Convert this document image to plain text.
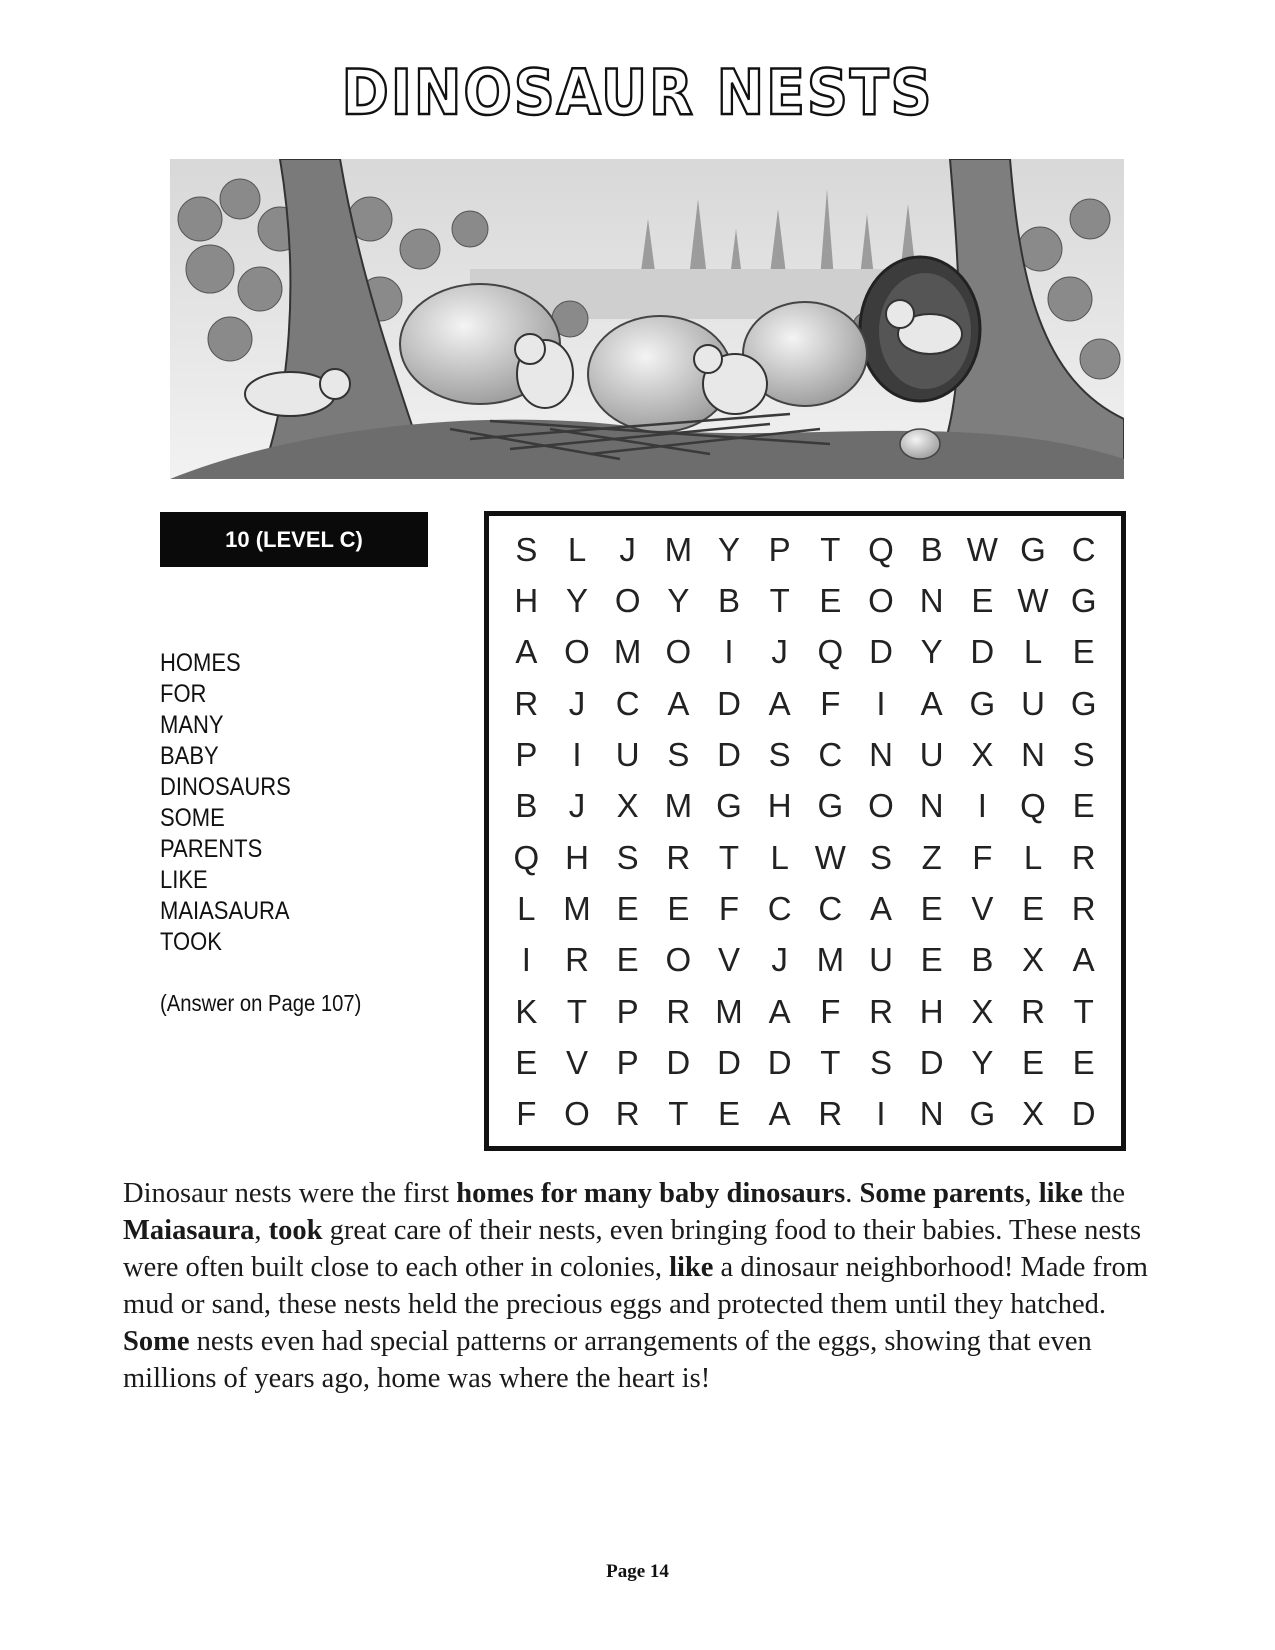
DINOSAUR NESTS
10 (LEVEL C)
HOMES
FOR
MANY
BABY
DINOSAURS
SOME
PARENTS
LIKE
MAIASAURA
TOOK
(Answer on Page 107)
S L	J M Y P T Q B W G C
H Y O Y B T E O N E W G
A O M O	I	J Q D Y D L E
R J C A D A F	I	A G U G
P	I	U S D S C N U X N S
B J X M G H G O N	I	Q E
Q H S R T L W S Z F L R
L M E E F C C A E V E R
I	R E O V J M U E B X A
K T P R M A F R H X R T
E V P D D D T S D Y E E
F O R T E A R	I	N G X D

Dinosaur nests were the first homes for many baby dinosaurs. Some parents, like the Maiasaura, took great care of their nests, even bringing food to their babies. These nests were often built close to each other in colonies, like a dinosaur neighborhood! Made from mud or sand, these nests held the precious eggs and protected them until they hatched. Some nests even had special patterns or arrangements of the eggs, showing that even millions of years ago, home was where the heart is!

Page 14
